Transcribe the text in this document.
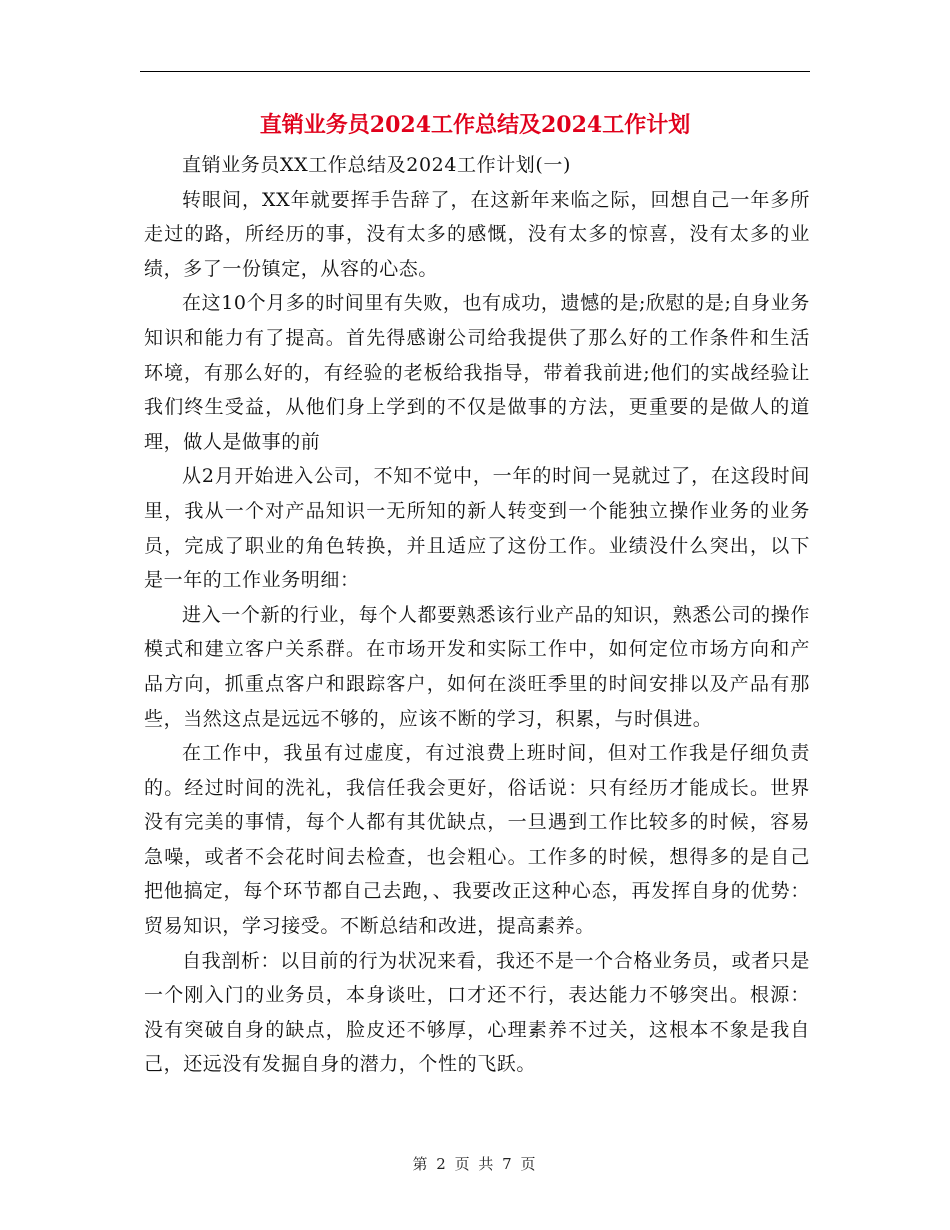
直销业务员2024工作总结及2024工作计划

直销业务员XX工作总结及2024工作计划(一)

转眼间，XX年就要挥手告辞了，在这新年来临之际，回想自己一年多所走过的路，所经历的事，没有太多的感慨，没有太多的惊喜，没有太多的业绩，多了一份镇定，从容的心态。

在这10个月多的时间里有失败，也有成功，遗憾的是;欣慰的是;自身业务知识和能力有了提高。首先得感谢公司给我提供了那么好的工作条件和生活环境，有那么好的，有经验的老板给我指导，带着我前进;他们的实战经验让我们终生受益，从他们身上学到的不仅是做事的方法，更重要的是做人的道理，做人是做事的前

从2月开始进入公司，不知不觉中，一年的时间一晃就过了，在这段时间里，我从一个对产品知识一无所知的新人转变到一个能独立操作业务的业务员，完成了职业的角色转换，并且适应了这份工作。业绩没什么突出，以下是一年的工作业务明细：

进入一个新的行业，每个人都要熟悉该行业产品的知识，熟悉公司的操作模式和建立客户关系群。在市场开发和实际工作中，如何定位市场方向和产品方向，抓重点客户和跟踪客户，如何在淡旺季里的时间安排以及产品有那些，当然这点是远远不够的，应该不断的学习，积累，与时俱进。

在工作中，我虽有过虚度，有过浪费上班时间，但对工作我是仔细负责的。经过时间的洗礼，我信任我会更好，俗话说：只有经历才能成长。世界没有完美的事情，每个人都有其优缺点，一旦遇到工作比较多的时候，容易急噪，或者不会花时间去检查，也会粗心。工作多的时候，想得多的是自己把他搞定，每个环节都自己去跑，、我要改正这种心态，再发挥自身的优势：贸易知识，学习接受。不断总结和改进，提高素养。

自我剖析：以目前的行为状况来看，我还不是一个合格业务员，或者只是一个刚入门的业务员，本身谈吐，口才还不行，表达能力不够突出。根源：没有突破自身的缺点，脸皮还不够厚，心理素养不过关，这根本不象是我自己，还远没有发掘自身的潜力，个性的飞跃。

第 2 页 共 7 页
